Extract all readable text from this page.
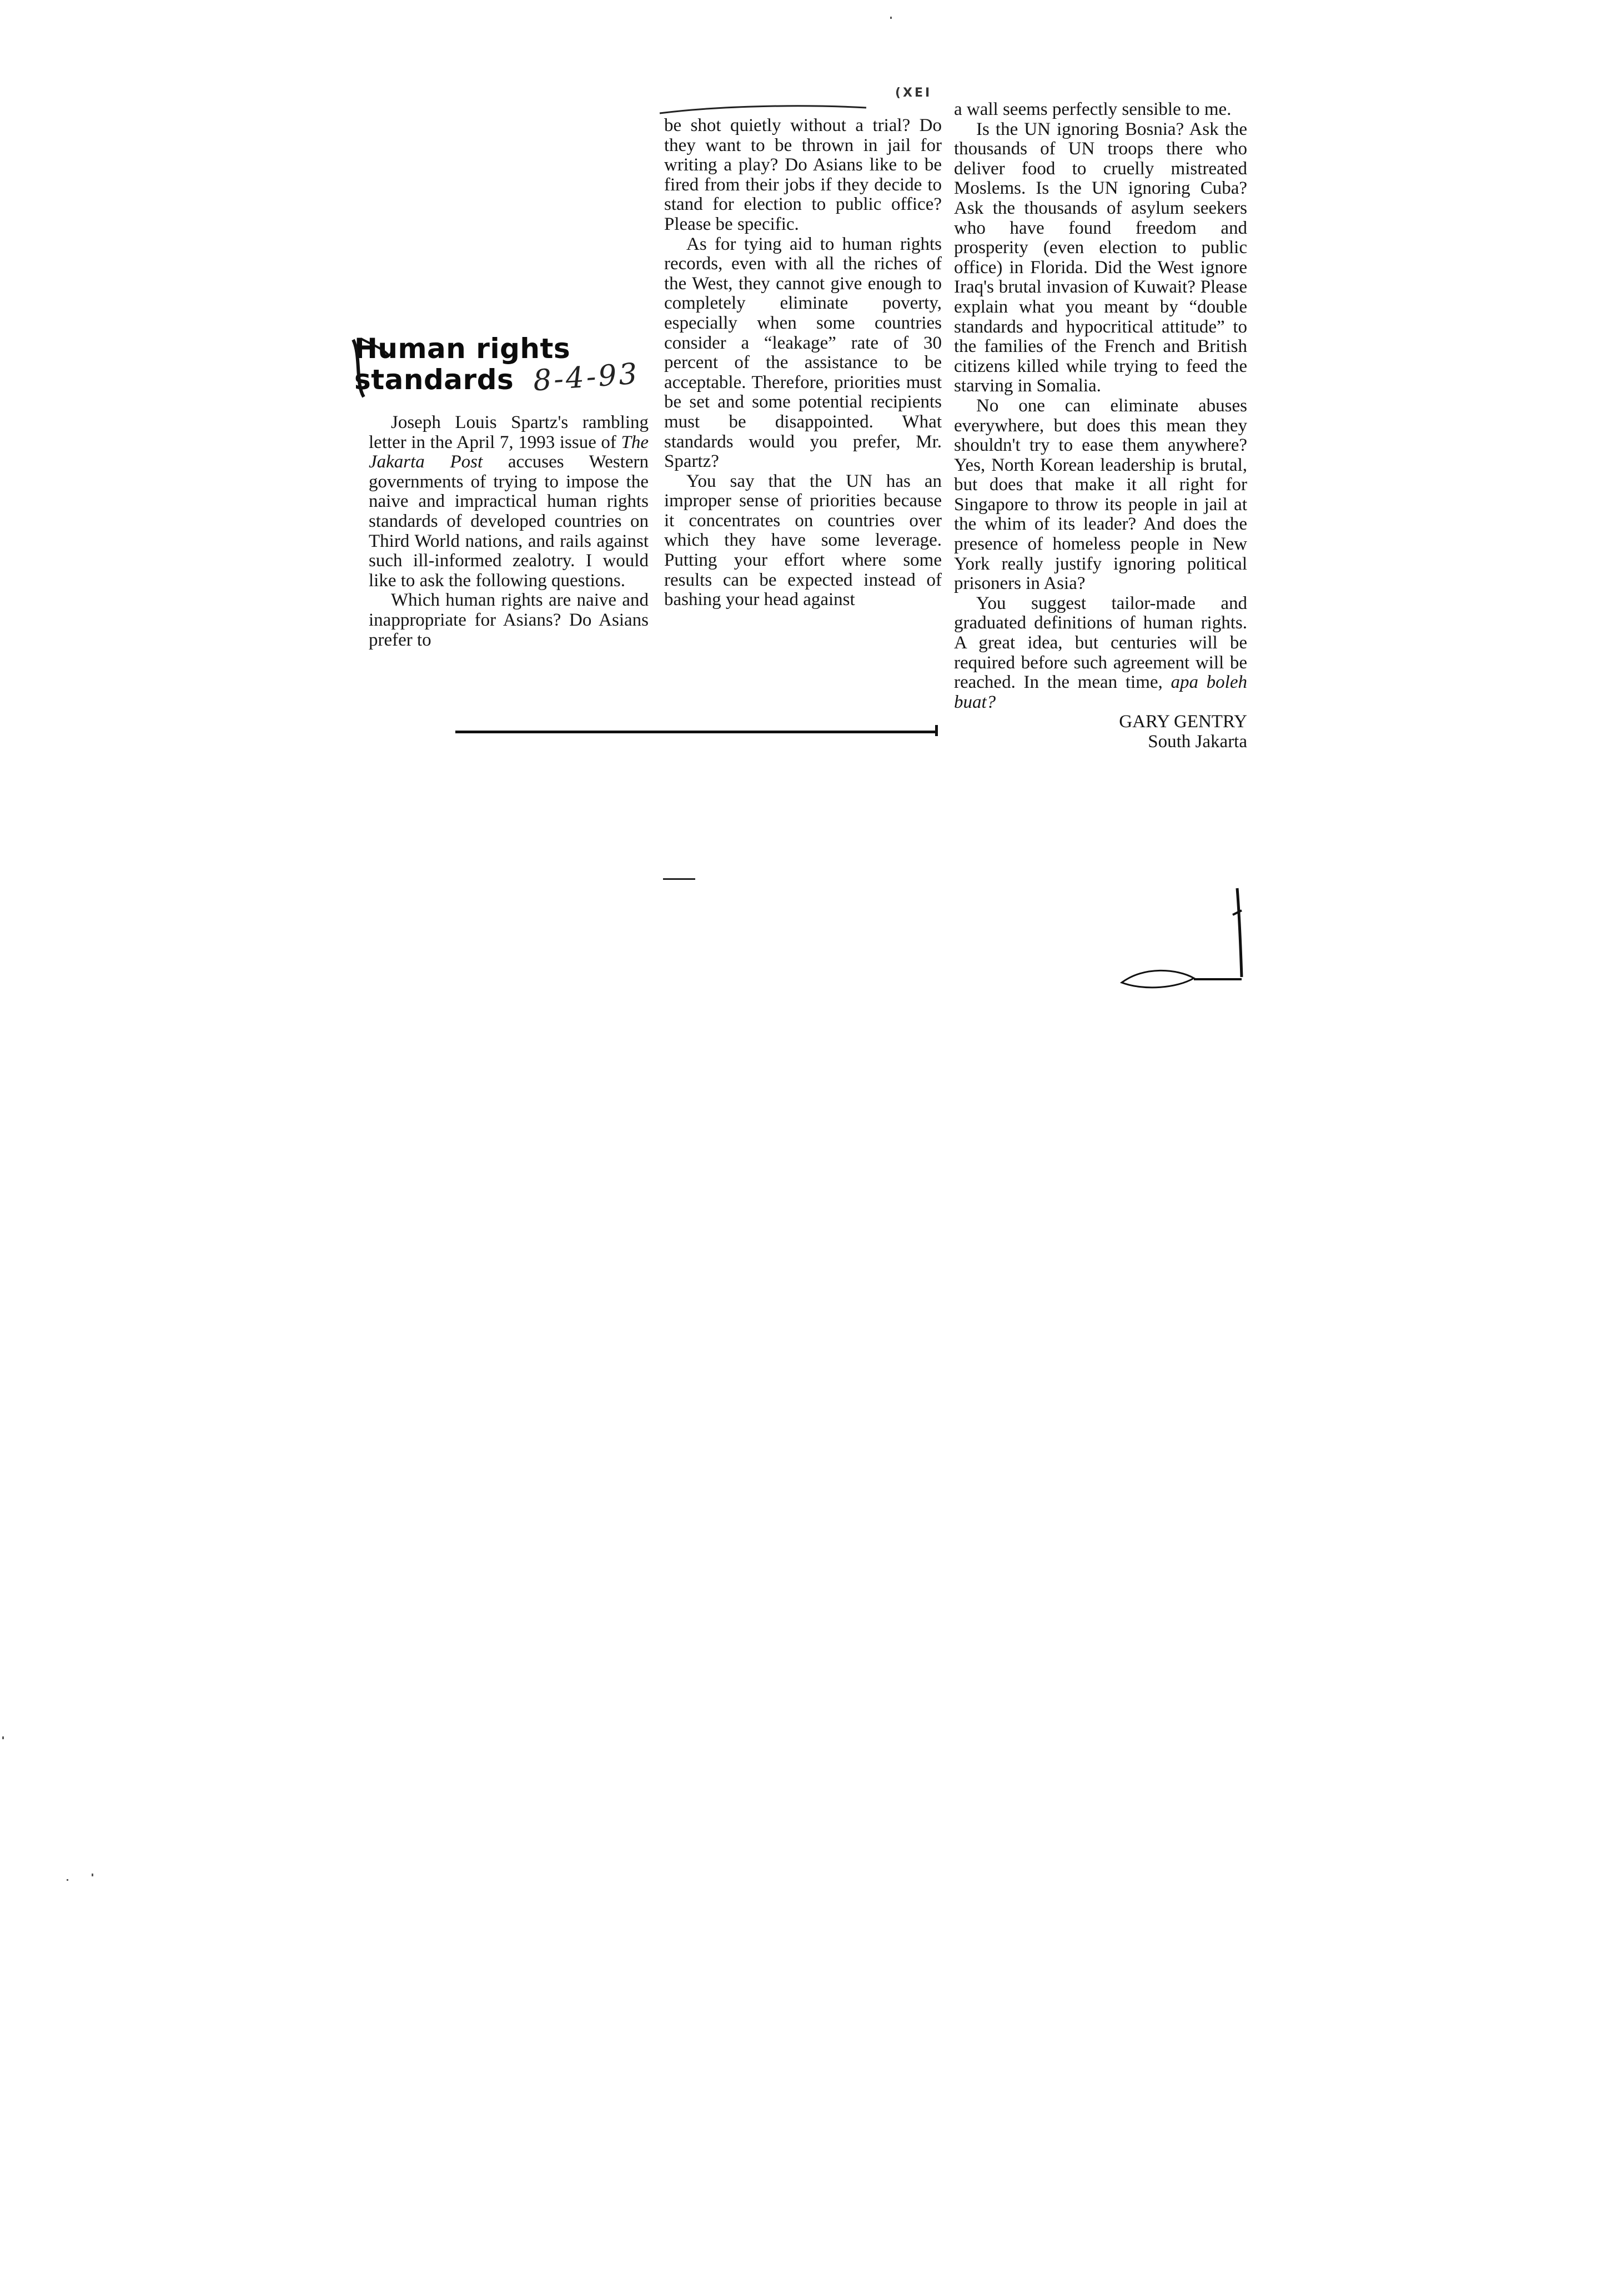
(XEI
Human rights
standards 8-4-93

Joseph Louis Spartz's rambling letter in the April 7, 1993 issue of The Jakarta Post accuses Western governments of trying to impose the naive and impractical human rights standards of developed countries on Third World nations, and rails against such ill-informed zealotry. I would like to ask the following questions.

Which human rights are naive and inappropriate for Asians? Do Asians prefer to

be shot quietly without a trial? Do they want to be thrown in jail for writing a play? Do Asians like to be fired from their jobs if they decide to stand for election to public office? Please be specific.

As for tying aid to human rights records, even with all the riches of the West, they cannot give enough to completely eliminate poverty, especially when some countries consider a “leakage” rate of 30 percent of the assistance to be acceptable. Therefore, priorities must be set and some potential recipients must be disappointed. What standards would you prefer, Mr. Spartz?

You say that the UN has an improper sense of priorities because it concentrates on countries over which they have some leverage. Putting your effort where some results can be expected instead of bashing your head against

a wall seems perfectly sensible to me.

Is the UN ignoring Bosnia? Ask the thousands of UN troops there who deliver food to cruelly mistreated Moslems. Is the UN ignoring Cuba? Ask the thousands of asylum seekers who have found freedom and prosperity (even election to public office) in Florida. Did the West ignore Iraq's brutal invasion of Kuwait? Please explain what you meant by “double standards and hypocritical attitude” to the families of the French and British citizens killed while trying to feed the starving in Somalia.

No one can eliminate abuses everywhere, but does this mean they shouldn't try to ease them anywhere? Yes, North Korean leadership is brutal, but does that make it all right for Singapore to throw its people in jail at the whim of its leader? And does the presence of homeless people in New York really justify ignoring political prisoners in Asia?

You suggest tailor-made and graduated definitions of human rights. A great idea, but centuries will be required before such agreement will be reached. In the mean time, apa boleh buat?

GARY GENTRY

South Jakarta
